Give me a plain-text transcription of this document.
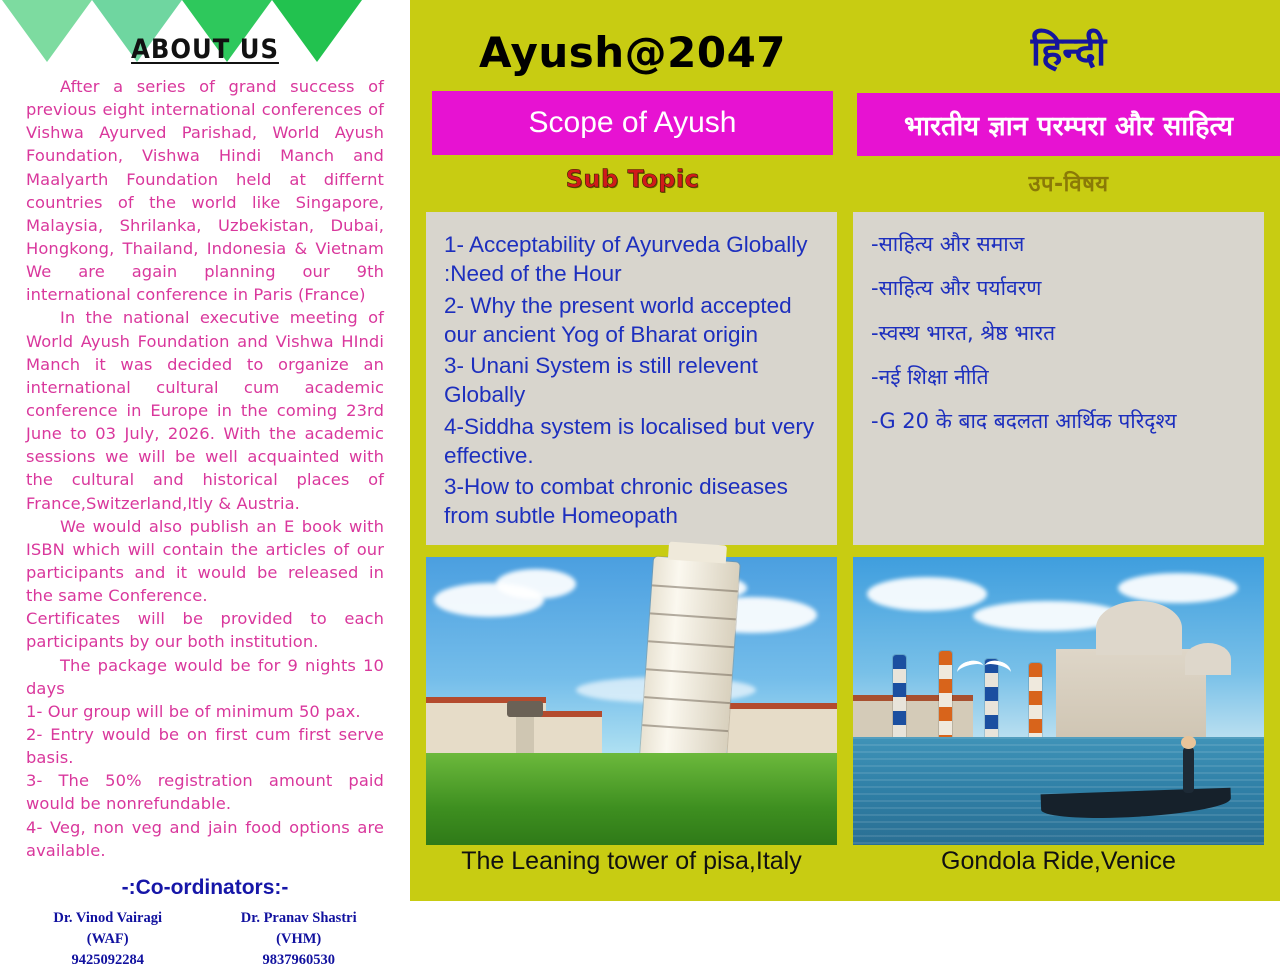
ABOUT US

After a series of grand success of previous eight international conferences of Vishwa Ayurved Parishad, World Ayush Foundation, Vishwa Hindi Manch and Maalyarth Foundation held at differnt countries of the world like Singapore, Malaysia, Shrilanka, Uzbekistan, Dubai, Hongkong, Thailand, Indonesia & Vietnam We are again planning our 9th international conference in Paris (France)

In the national executive meeting of World Ayush Foundation and Vishwa HIndi Manch it was decided to organize an international cultural cum academic conference in Europe in the coming 23rd June to 03 July, 2026. With the academic sessions we will be well acquainted with the cultural and historical places of France,Switzerland,Itly & Austria.

We would also publish an E book with ISBN which will contain the articles of our participants and it would be released in the same Conference.

Certificates will be provided to each participants by our both institution.

The package would be for 9 nights 10 days

1- Our group will be of minimum 50 pax.

2- Entry would be on first cum first serve basis.

3- The 50% registration amount paid would be nonrefundable.

4- Veg, non veg and jain food options are available.

-:Co-ordinators:-
Dr. Vinod Vairagi
(WAF)
9425092284
Dr. Pranav Shastri
(VHM)
9837960530
Ayush@2047
Scope of Ayush
Sub Topic
हिन्दी
भारतीय ज्ञान परम्परा और साहित्य
उप-विषय
1- Acceptability of Ayurveda Globally :Need of the Hour
2- Why the present world accepted our ancient Yog of Bharat origin
3- Unani System is still relevent Globally
4-Siddha system is localised but very effective.
3-How to combat chronic diseases from subtle Homeopath
-साहित्य और समाज
-साहित्य और पर्यावरण
-स्वस्थ भारत, श्रेष्ठ भारत
-नई शिक्षा नीति
-G 20 के बाद बदलता आर्थिक परिदृश्य
The Leaning tower of pisa,Italy	Gondola Ride,Venice
